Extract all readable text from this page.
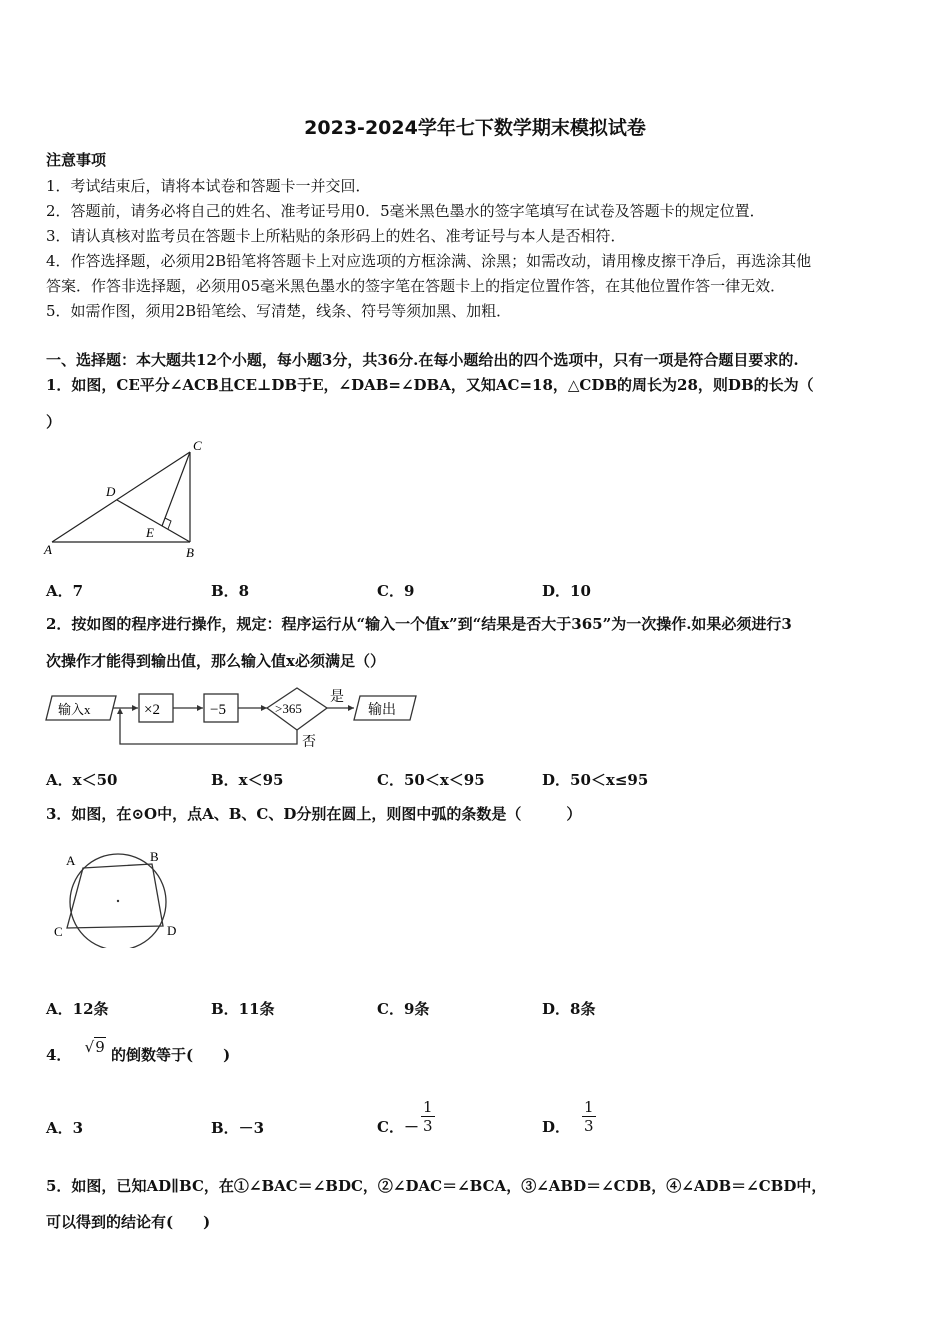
2023-2024学年七下数学期末模拟试卷
注意事项
1．考试结束后，请将本试卷和答题卡一并交回．
2．答题前，请务必将自己的姓名、准考证号用0．5毫米黑色墨水的签字笔填写在试卷及答题卡的规定位置．
3．请认真核对监考员在答题卡上所粘贴的条形码上的姓名、准考证号与本人是否相符．
4．作答选择题，必须用2B铅笔将答题卡上对应选项的方框涂满、涂黑；如需改动，请用橡皮擦干净后，再选涂其他
答案．作答非选择题，必须用05毫米黑色墨水的签字笔在答题卡上的指定位置作答，在其他位置作答一律无效．
5．如需作图，须用2B铅笔绘、写清楚，线条、符号等须加黑、加粗．
一、选择题：本大题共12个小题，每小题3分，共36分.在每小题给出的四个选项中，只有一项是符合题目要求的.
1．如图，CE平分∠ACB且CE⊥DB于E，∠DAB=∠DBA，又知AC=18，△CDB的周长为28，则DB的长为（
）
A	B
C
D
E
A．7	B．8	C．9	D．10
2．按如图的程序进行操作，规定：程序运行从“输入一个值x”到“结果是否大于365”为一次操作.如果必须进行3
次操作才能得到输出值，那么输入值x必须满足（）
输入x	×2	−5	>365
是
输出
否
A．x＜50	B．x＜95	C．50＜x＜95	D．50＜x≤95
3．如图，在⊙O中，点A、B、C、D分别在圆上，则图中弧的条数是（　　　）
A	B
C	D
A．12条	B．11条	C．9条	D．8条
4． √9 的倒数等于(　　)
A．3	B．－3	C．－ $\frac{1}{3}$	D． $\frac{1}{3}$
5．如图，已知AD∥BC，在①∠BAC＝∠BDC，②∠DAC＝∠BCA，③∠ABD＝∠CDB，④∠ADB＝∠CBD中，
可以得到的结论有(　　)
